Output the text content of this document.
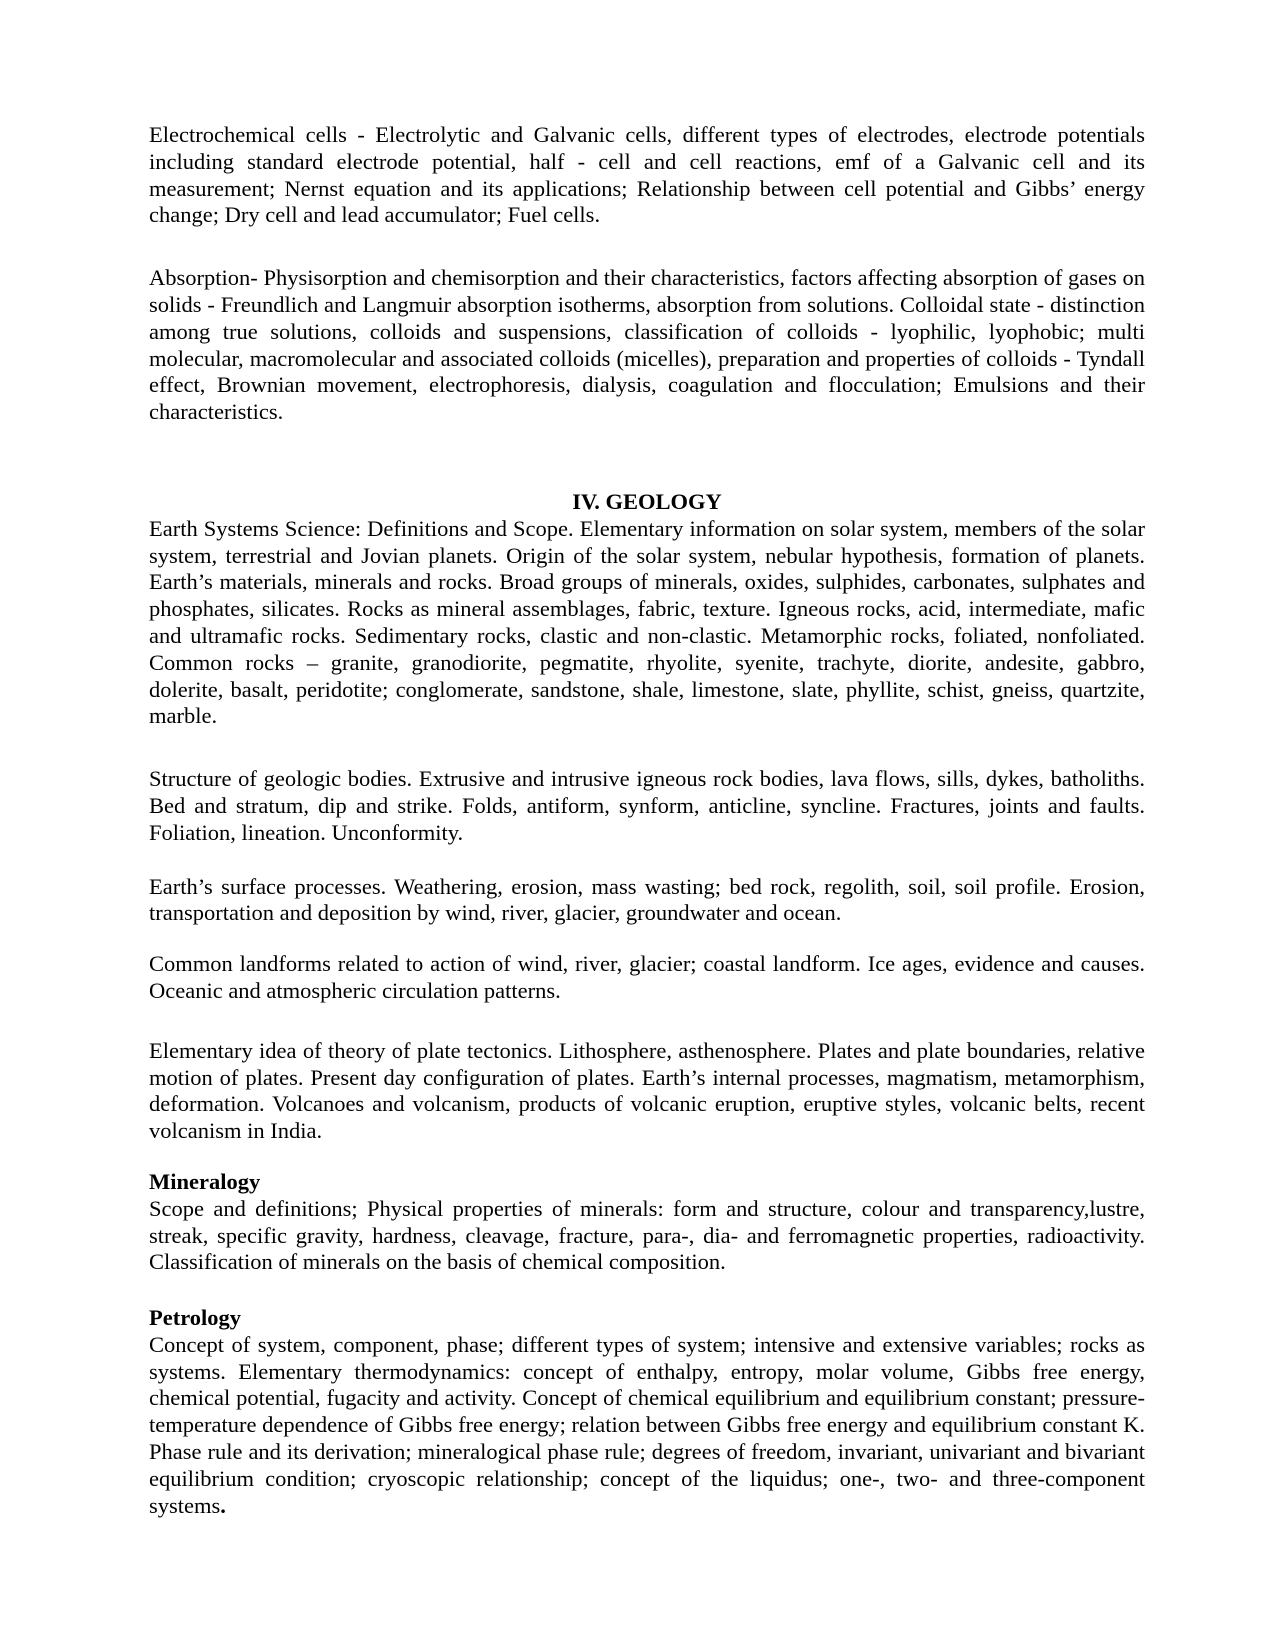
Electrochemical cells - Electrolytic and Galvanic cells, different types of electrodes, electrode potentials including standard electrode potential, half - cell and cell reactions, emf of a Galvanic cell and its measurement; Nernst equation and its applications; Relationship between cell potential and Gibbs’ energy change; Dry cell and lead accumulator; Fuel cells.

Absorption- Physisorption and chemisorption and their characteristics, factors affecting absorption of gases on solids - Freundlich and Langmuir absorption isotherms, absorption from solutions. Colloidal state - distinction among true solutions, colloids and suspensions, classification of colloids - lyophilic, lyophobic; multi molecular, macromolecular and associated colloids (micelles), preparation and properties of colloids - Tyndall effect, Brownian movement, electrophoresis, dialysis, coagulation and flocculation; Emulsions and their characteristics.

IV. GEOLOGY

Earth Systems Science: Definitions and Scope. Elementary information on solar system, members of the solar system, terrestrial and Jovian planets. Origin of the solar system, nebular hypothesis, formation of planets. Earth’s materials, minerals and rocks. Broad groups of minerals, oxides, sulphides, carbonates, sulphates and phosphates, silicates. Rocks as mineral assemblages, fabric, texture. Igneous rocks, acid, intermediate, mafic and ultramafic rocks. Sedimentary rocks, clastic and non-clastic. Metamorphic rocks, foliated, nonfoliated. Common rocks – granite, granodiorite, pegmatite, rhyolite, syenite, trachyte, diorite, andesite, gabbro, dolerite, basalt, peridotite; conglomerate, sandstone, shale, limestone, slate, phyllite, schist, gneiss, quartzite, marble.

Structure of geologic bodies. Extrusive and intrusive igneous rock bodies, lava flows, sills, dykes, batholiths. Bed and stratum, dip and strike. Folds, antiform, synform, anticline, syncline. Fractures, joints and faults. Foliation, lineation. Unconformity.

Earth’s surface processes. Weathering, erosion, mass wasting; bed rock, regolith, soil, soil profile. Erosion, transportation and deposition by wind, river, glacier, groundwater and ocean.

Common landforms related to action of wind, river, glacier; coastal landform. Ice ages, evidence and causes. Oceanic and atmospheric circulation patterns.

Elementary idea of theory of plate tectonics. Lithosphere, asthenosphere. Plates and plate boundaries, relative motion of plates. Present day configuration of plates. Earth’s internal processes, magmatism, metamorphism, deformation. Volcanoes and volcanism, products of volcanic eruption, eruptive styles, volcanic belts, recent volcanism in India.

Mineralogy

Scope and definitions; Physical properties of minerals: form and structure, colour and transparency,lustre, streak, specific gravity, hardness, cleavage, fracture, para-, dia- and ferromagnetic properties, radioactivity. Classification of minerals on the basis of chemical composition.

Petrology

Concept of system, component, phase; different types of system; intensive and extensive variables; rocks as systems. Elementary thermodynamics: concept of enthalpy, entropy, molar volume, Gibbs free energy, chemical potential, fugacity and activity. Concept of chemical equilibrium and equilibrium constant; pressure-temperature dependence of Gibbs free energy; relation between Gibbs free energy and equilibrium constant K. Phase rule and its derivation; mineralogical phase rule; degrees of freedom, invariant, univariant and bivariant equilibrium condition; cryoscopic relationship; concept of the liquidus; one-, two- and three-component systems.
